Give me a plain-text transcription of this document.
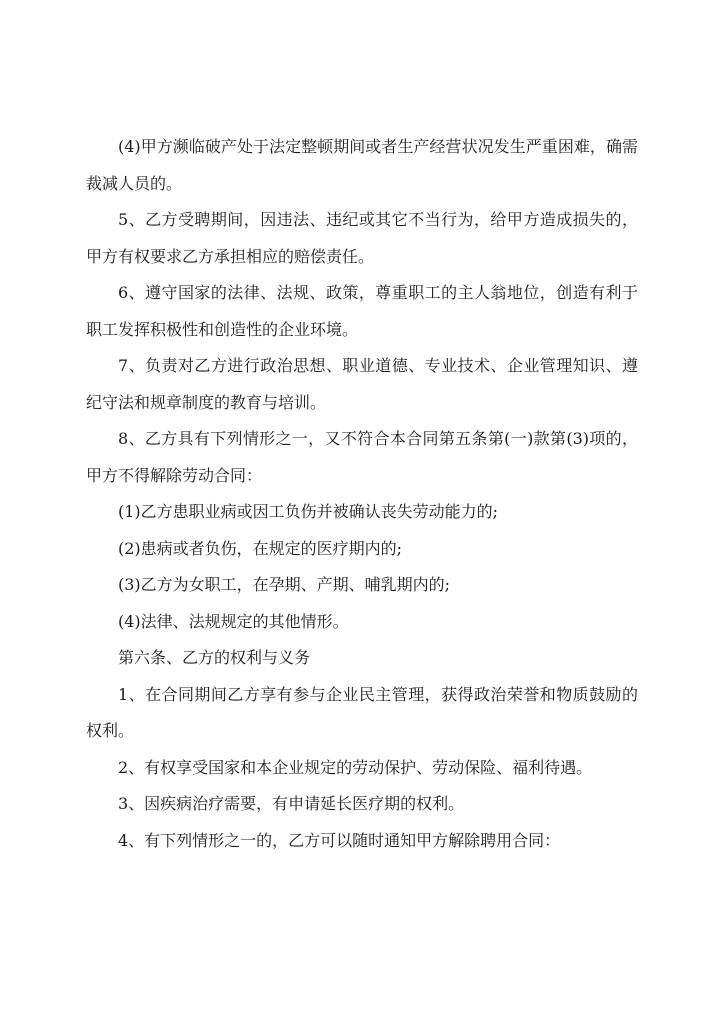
(4)甲方濒临破产处于法定整顿期间或者生产经营状况发生严重困难，确需裁减人员的。

5、乙方受聘期间，因违法、违纪或其它不当行为，给甲方造成损失的，甲方有权要求乙方承担相应的赔偿责任。

6、遵守国家的法律、法规、政策，尊重职工的主人翁地位，创造有利于职工发挥积极性和创造性的企业环境。

7、负责对乙方进行政治思想、职业道德、专业技术、企业管理知识、遵纪守法和规章制度的教育与培训。

8、乙方具有下列情形之一，又不符合本合同第五条第(一)款第(3)项的，甲方不得解除劳动合同：

(1)乙方患职业病或因工负伤并被确认丧失劳动能力的;

(2)患病或者负伤，在规定的医疗期内的;

(3)乙方为女职工，在孕期、产期、哺乳期内的;

(4)法律、法规规定的其他情形。

第六条、乙方的权利与义务

1、在合同期间乙方享有参与企业民主管理，获得政治荣誉和物质鼓励的权利。

2、有权享受国家和本企业规定的劳动保护、劳动保险、福利待遇。

3、因疾病治疗需要，有申请延长医疗期的权利。

4、有下列情形之一的，乙方可以随时通知甲方解除聘用合同：
